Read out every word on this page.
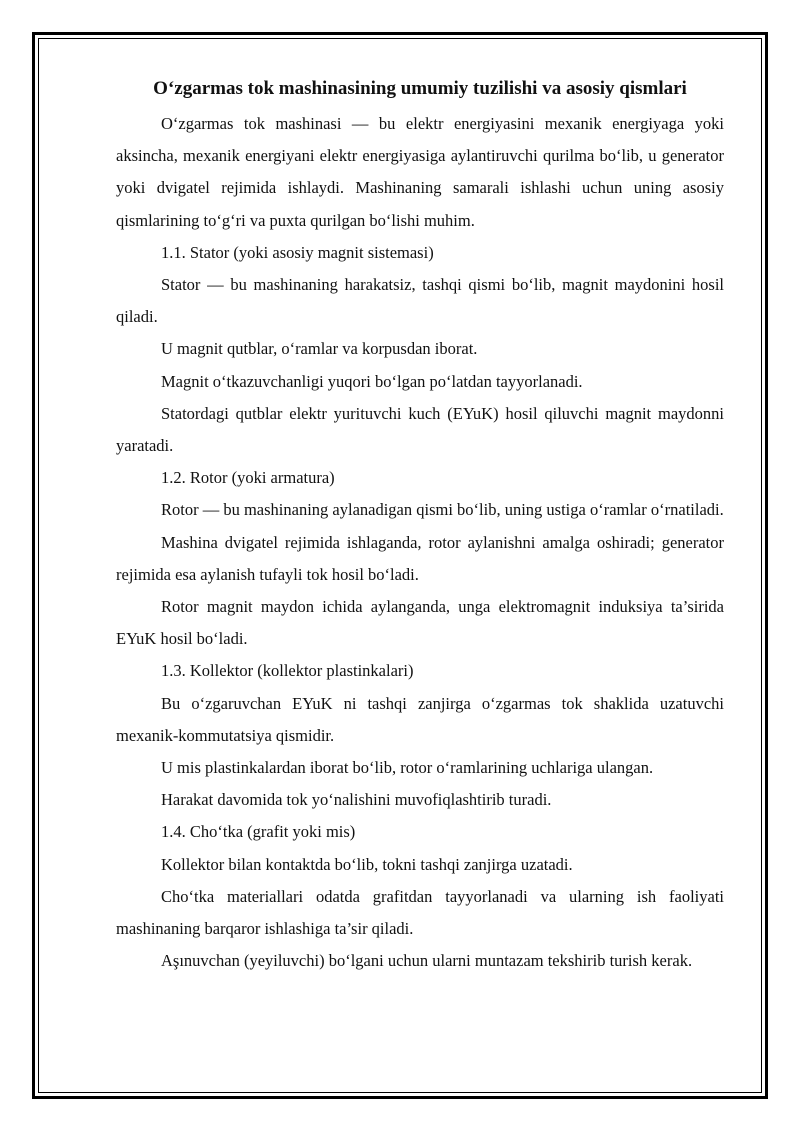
O‘zgarmas tok mashinasining umumiy tuzilishi va asosiy qismlari

O‘zgarmas tok mashinasi — bu elektr energiyasini mexanik energiyaga yoki aksincha, mexanik energiyani elektr energiyasiga aylantiruvchi qurilma bo‘lib, u generator yoki dvigatel rejimida ishlaydi. Mashinaning samarali ishlashi uchun uning asosiy qismlarining to‘g‘ri va puxta qurilgan bo‘lishi muhim.

1.1. Stator (yoki asosiy magnit sistemasi)

Stator — bu mashinaning harakatsiz, tashqi qismi bo‘lib, magnit maydonini hosil qiladi.

U magnit qutblar, o‘ramlar va korpusdan iborat.

Magnit o‘tkazuvchanligi yuqori bo‘lgan po‘latdan tayyorlanadi.

Statordagi qutblar elektr yurituvchi kuch (EYuK) hosil qiluvchi magnit maydonni yaratadi.

1.2. Rotor (yoki armatura)

Rotor — bu mashinaning aylanadigan qismi bo‘lib, uning ustiga o‘ramlar o‘rnatiladi.

Mashina dvigatel rejimida ishlaganda, rotor aylanishni amalga oshiradi; generator rejimida esa aylanish tufayli tok hosil bo‘ladi.

Rotor magnit maydon ichida aylanganda, unga elektromagnit induksiya ta’sirida EYuK hosil bo‘ladi.

1.3. Kollektor (kollektor plastinkalari)

Bu o‘zgaruvchan EYuK ni tashqi zanjirga o‘zgarmas tok shaklida uzatuvchi mexanik-kommutatsiya qismidir.

U mis plastinkalardan iborat bo‘lib, rotor o‘ramlarining uchlariga ulangan.

Harakat davomida tok yo‘nalishini muvofiqlashtirib turadi.

1.4. Cho‘tka (grafit yoki mis)

Kollektor bilan kontaktda bo‘lib, tokni tashqi zanjirga uzatadi.

Cho‘tka materiallari odatda grafitdan tayyorlanadi va ularning ish faoliyati mashinaning barqaror ishlashiga ta’sir qiladi.

Aşınuvchan (yeyiluvchi) bo‘lgani uchun ularni muntazam tekshirib turish kerak.
